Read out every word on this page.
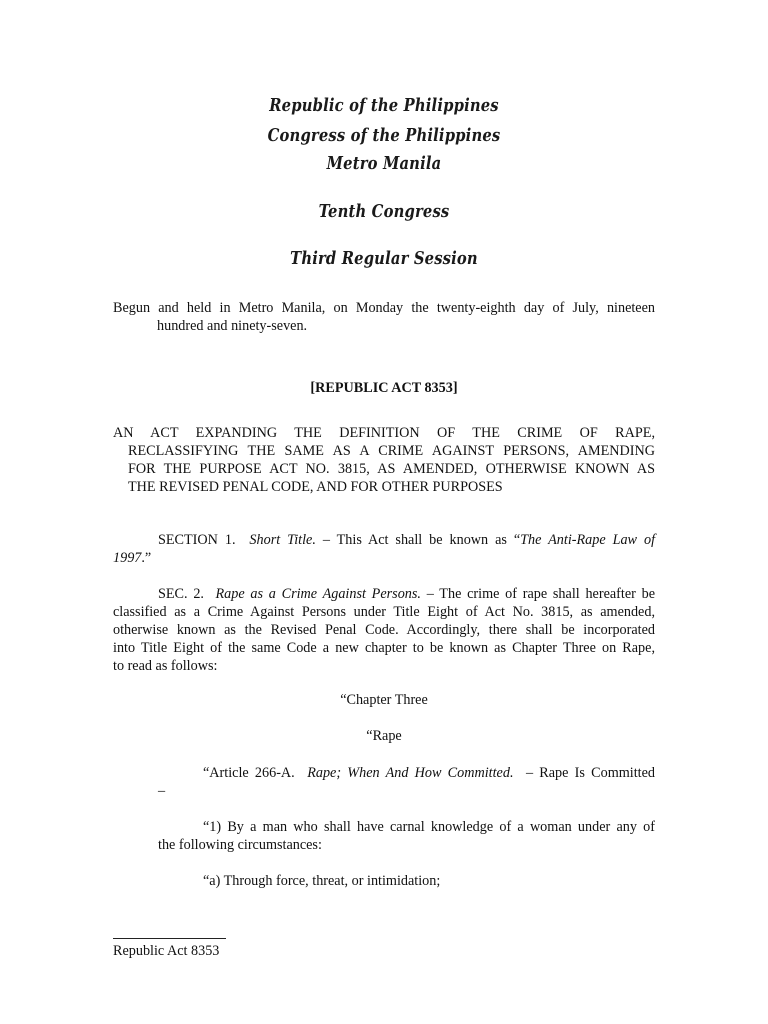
Republic of the Philippines
Congress of the Philippines
Metro Manila
Tenth Congress
Third Regular Session
Begun and held in Metro Manila, on Monday the twenty-eighth day of July, nineteen
hundred and ninety-seven.
[REPUBLIC ACT 8353]
AN ACT EXPANDING THE DEFINITION OF THE CRIME OF RAPE,
RECLASSIFYING THE SAME AS A CRIME AGAINST PERSONS, AMENDING
FOR THE PURPOSE ACT NO. 3815, AS AMENDED, OTHERWISE KNOWN AS
THE REVISED PENAL CODE, AND FOR OTHER PURPOSES
SECTION 1. Short Title. – This Act shall be known as “The Anti-Rape Law of
1997.”
SEC. 2. Rape as a Crime Against Persons. – The crime of rape shall hereafter be
classified as a Crime Against Persons under Title Eight of Act No. 3815, as amended,
otherwise known as the Revised Penal Code. Accordingly, there shall be incorporated
into Title Eight of the same Code a new chapter to be known as Chapter Three on Rape,
to read as follows:
“Chapter Three
“Rape
“Article 266-A. Rape; When And How Committed. – Rape Is Committed
–
“1) By a man who shall have carnal knowledge of a woman under any of
the following circumstances:
“a) Through force, threat, or intimidation;
Republic Act 8353
